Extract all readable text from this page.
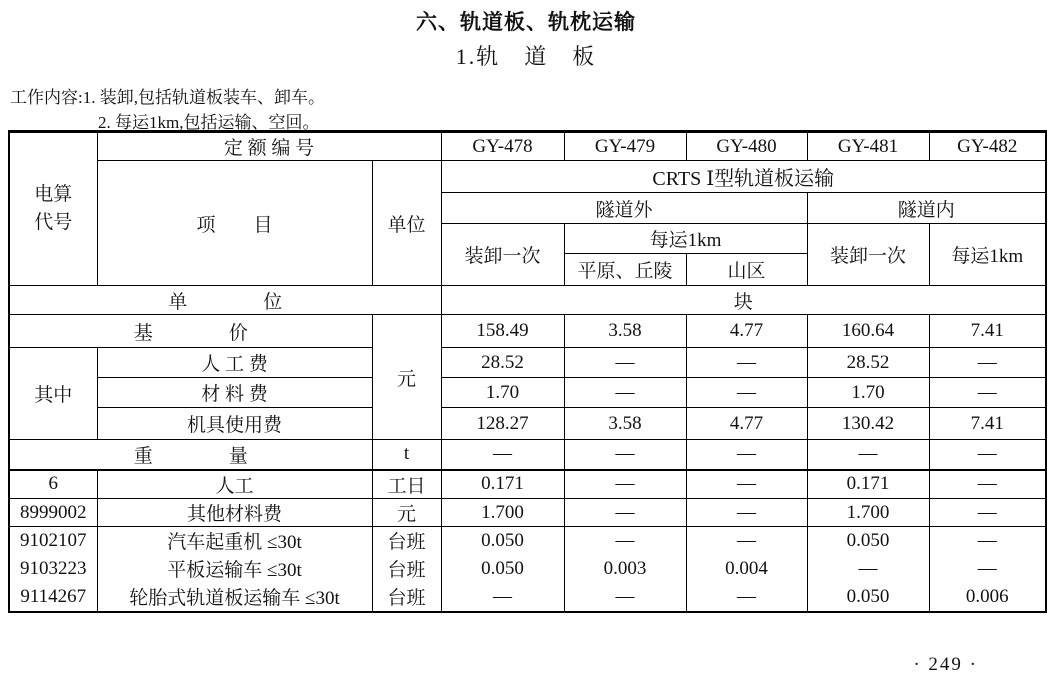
六、轨道板、轨枕运输
1.轨　道　板
工作内容:1. 装卸,包括轨道板装车、卸车。
2. 每运1km,包括运输、空回。
电算
代号	定 额 编 号		GY-478	GY-479	GY-480	GY-481	GY-482
	项　　目	单位	CRTS Ⅰ型轨道板运输				
			隧道外			隧道内	
			装卸一次	每运1km		装卸一次	每运1km
				平原、丘陵	山区		
单　　　　位			块				
基　　　　价		元	158.49	3.58	4.77	160.64	7.41
其中	人 工 费		28.52	—	—	28.52	—
	材 料 费		1.70	—	—	1.70	—
	机具使用费		128.27	3.58	4.77	130.42	7.41
重　　　　量		t	—	—	—	—	—
6	人工	工日	0.171	—	—	0.171	—
8999002	其他材料费	元	1.700	—	—	1.700	—
9102107	汽车起重机 ≤30t	台班	0.050	—	—	0.050	—
9103223	平板运输车 ≤30t	台班	0.050	0.003	0.004	—	—
9114267	轮胎式轨道板运输车 ≤30t	台班	—	—	—	0.050	0.006
· 249 ·
